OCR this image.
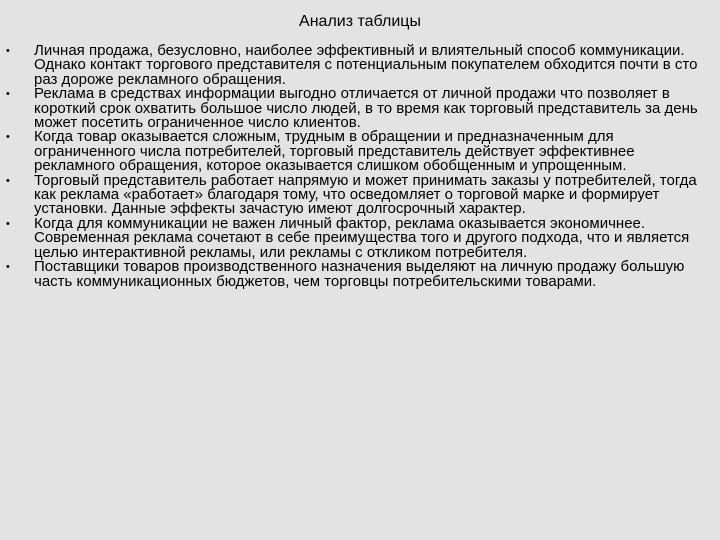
Анализ таблицы
• Личная продажа, безусловно, наиболее эффективный и влиятельный способ коммуникации. Однако контакт торгового представителя с потенциальным покупателем обходится почти в сто раз дороже рекламного обращения.
• Реклама в средствах информации выгодно отличается от личной продажи что позволяет в короткий срок охватить большое число людей, в то время как торговый представитель за день может посетить ограниченное число клиентов.
• Когда товар оказывается сложным, трудным в обращении и предназначенным для ограниченного числа потребителей, торговый представитель действует эффективнее рекламного обращения, которое оказывается слишком обобщенным и упрощенным.
• Торговый представитель работает напрямую и может принимать заказы у потребителей, тогда как реклама «работает» благодаря тому, что осведомляет о торговой марке и формирует установки. Данные эффекты зачастую имеют долгосрочный характер.
• Когда для коммуникации не важен личный фактор, реклама оказывается экономичнее. Современная реклама сочетают в себе преимущества того и другого подхода, что и является целью интерактивной рекламы, или рекламы с откликом потребителя.
• Поставщики товаров производственного назначения выделяют на личную продажу большую часть коммуникационных бюджетов, чем торговцы потребительскими товарами.
